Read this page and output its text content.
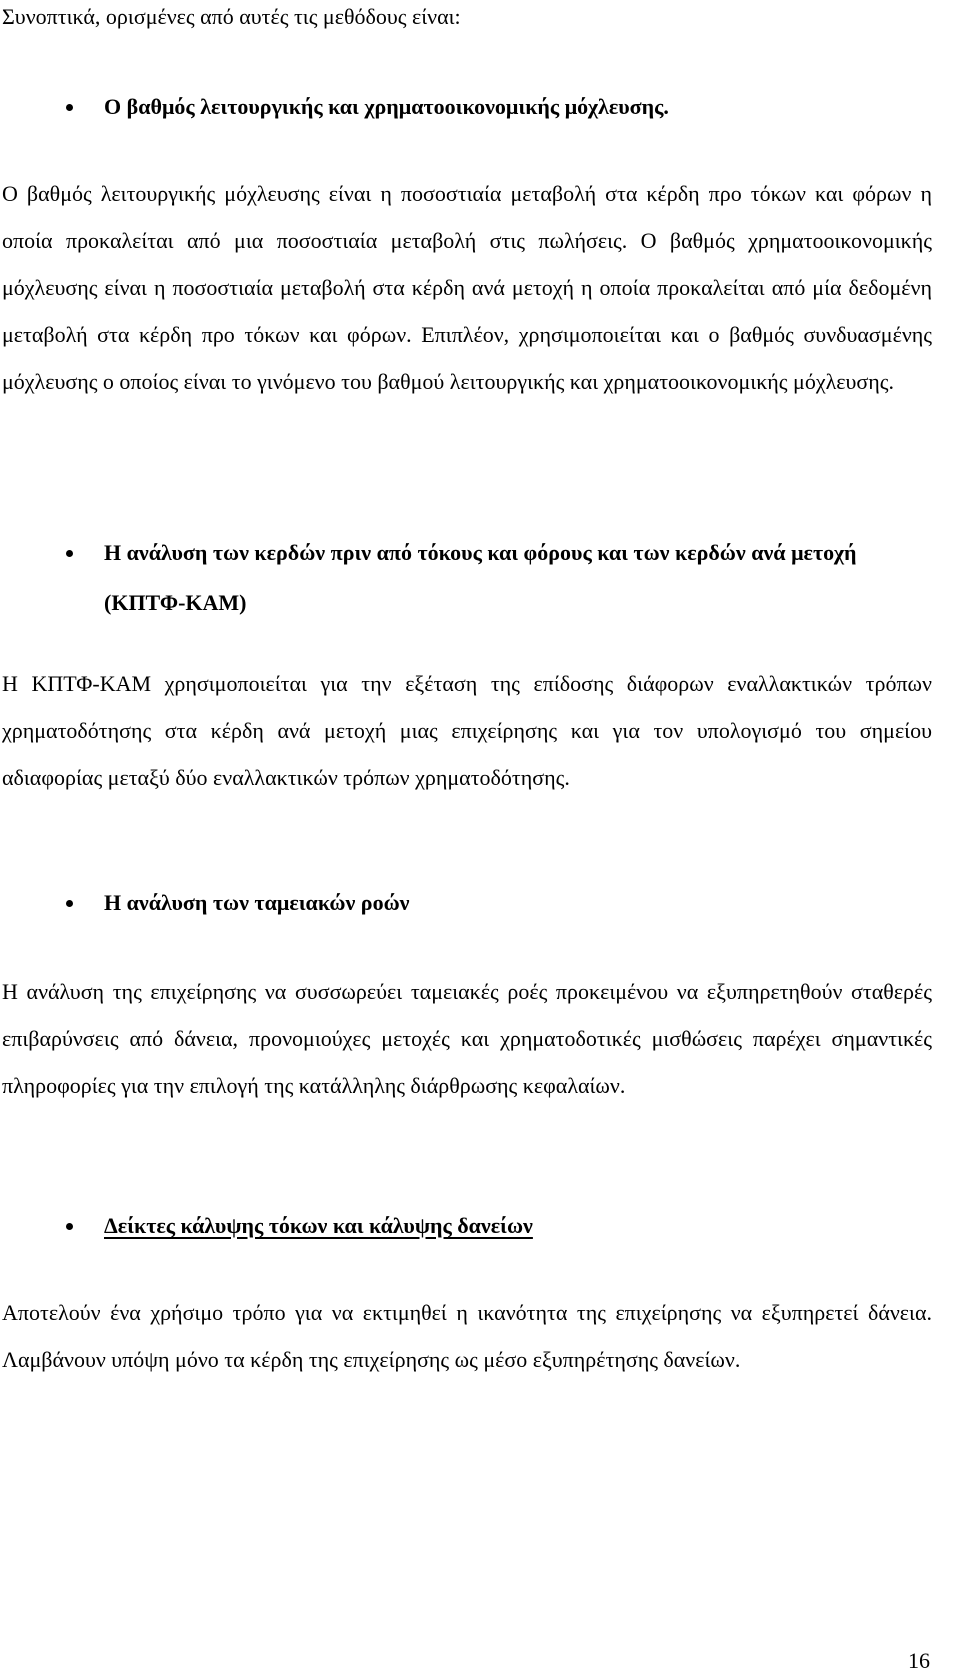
Συνοπτικά, ορισμένες από αυτές τις μεθόδους είναι:

Ο βαθμός λειτουργικής και χρηματοοικονομικής μόχλευσης.

Ο βαθμός λειτουργικής μόχλευσης είναι η ποσοστιαία μεταβολή στα κέρδη προ τόκων και φόρων η οποία προκαλείται από μια ποσοστιαία μεταβολή στις πωλήσεις. Ο βαθμός χρηματοοικονομικής μόχλευσης είναι η ποσοστιαία μεταβολή στα κέρδη ανά μετοχή η οποία προκαλείται από μία δεδομένη μεταβολή στα κέρδη προ τόκων και φόρων. Επιπλέον, χρησιμοποιείται και ο βαθμός συνδυασμένης μόχλευσης ο οποίος είναι το γινόμενο του βαθμού λειτουργικής και χρηματοοικονομικής μόχλευσης.

Η ανάλυση των κερδών πριν από τόκους και φόρους και των κερδών ανά μετοχή (ΚΠΤΦ-ΚΑΜ)

Η ΚΠΤΦ-ΚΑΜ χρησιμοποιείται για την εξέταση της επίδοσης διάφορων εναλλακτικών τρόπων χρηματοδότησης στα κέρδη ανά μετοχή μιας επιχείρησης και για τον υπολογισμό του σημείου αδιαφορίας μεταξύ δύο εναλλακτικών τρόπων χρηματοδότησης.

Η ανάλυση των ταμειακών ροών

Η ανάλυση της επιχείρησης να συσσωρεύει ταμειακές ροές προκειμένου να εξυπηρετηθούν σταθερές επιβαρύνσεις από δάνεια, προνομιούχες μετοχές και χρηματοδοτικές μισθώσεις παρέχει σημαντικές πληροφορίες για την επιλογή της κατάλληλης διάρθρωσης κεφαλαίων.

Δείκτες κάλυψης τόκων και κάλυψης δανείων

Αποτελούν ένα χρήσιμο τρόπο για να εκτιμηθεί η ικανότητα της επιχείρησης να εξυπηρετεί δάνεια. Λαμβάνουν υπόψη μόνο τα κέρδη της επιχείρησης ως μέσο εξυπηρέτησης δανείων.

16
